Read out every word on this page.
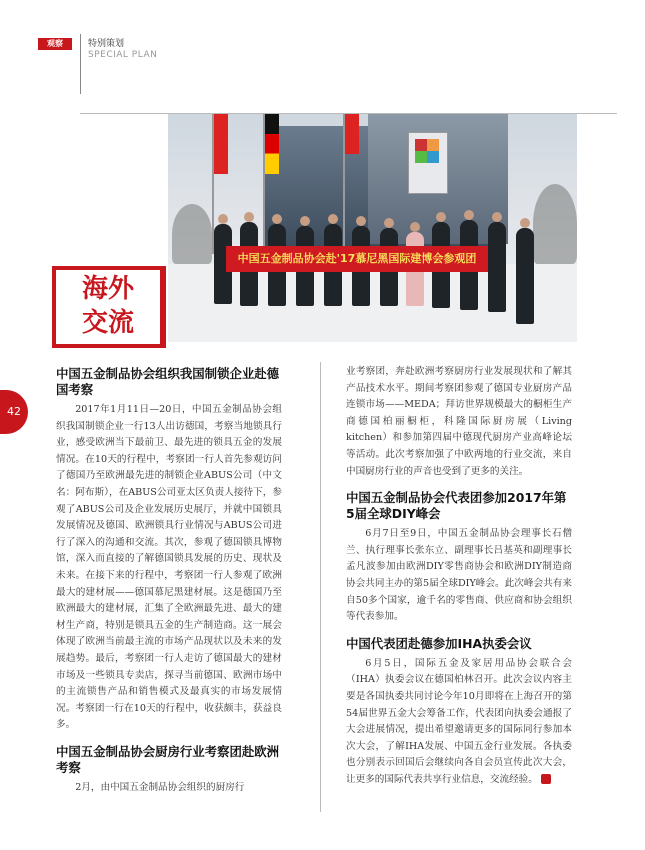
观察	特别策划
SPECIAL PLAN
中国五金制品协会赴'17慕尼黑国际建博会参观团
海外
交流
42
中国五金制品协会组织我国制锁企业赴德国考察

2017年1月11日—20日，中国五金制品协会组织我国制锁企业一行13人出访德国，考察当地锁具行业，感受欧洲当下最前卫、最先进的锁具五金的发展情况。在10天的行程中，考察团一行人首先参观访问了德国乃至欧洲最先进的制锁企业ABUS公司（中文名：阿布斯），在ABUS公司亚太区负责人接待下，参观了ABUS公司及企业发展历史展厅，并就中国锁具发展情况及德国、欧洲锁具行业情况与ABUS公司进行了深入的沟通和交流。其次，参观了德国锁具博物馆，深入而直接的了解德国锁具发展的历史、现状及未来。在接下来的行程中，考察团一行人参观了欧洲最大的建材展——德国慕尼黑建材展。这是德国乃至欧洲最大的建材展，汇集了全欧洲最先进、最大的建材生产商，特别是锁具五金的生产制造商。这一展会体现了欧洲当前最主流的市场产品现状以及未来的发展趋势。最后，考察团一行人走访了德国最大的建材市场及一些锁具专卖店，探寻当前德国、欧洲市场中的主流锁售产品和销售模式及最真实的市场发展情况。考察团一行在10天的行程中，收获颇丰，获益良多。

中国五金制品协会厨房行业考察团赴欧洲考察

2月，由中国五金制品协会组织的厨房行

业考察团，奔赴欧洲考察厨房行业发展现状和了解其产品技术水平。期间考察团参观了德国专业厨房产品连锁市场——MEDA；拜访世界规模最大的橱柜生产商德国柏丽橱柜，科隆国际厨房展（Living kitchen）和参加第四届中德现代厨房产业高峰论坛等活动。此次考察加强了中欧两地的行业交流，来自中国厨房行业的声音也受到了更多的关注。

中国五金制品协会代表团参加2017年第5届全球DIY峰会

6月7日至9日，中国五金制品协会理事长石僧兰、执行理事长张东立、副理事长吕基英和副理事长孟凡波参加由欧洲DIY零售商协会和欧洲DIY制造商协会共同主办的第5届全球DIY峰会。此次峰会共有来自50多个国家，逾千名的零售商、供应商和协会组织等代表参加。

中国代表团赴德参加IHA执委会议

6月5日，国际五金及家居用品协会联合会（IHA）执委会议在德国柏林召开。此次会议内容主要是各国执委共同讨论今年10月即将在上海召开的第54届世界五金大会筹备工作，代表团向执委会通报了大会进展情况，提出希望邀请更多的国际同行参加本次大会，了解IHA发展、中国五金行业发展。各执委也分别表示回国后会继续向各自会员宣传此次大会，让更多的国际代表共享行业信息，交流经验。
